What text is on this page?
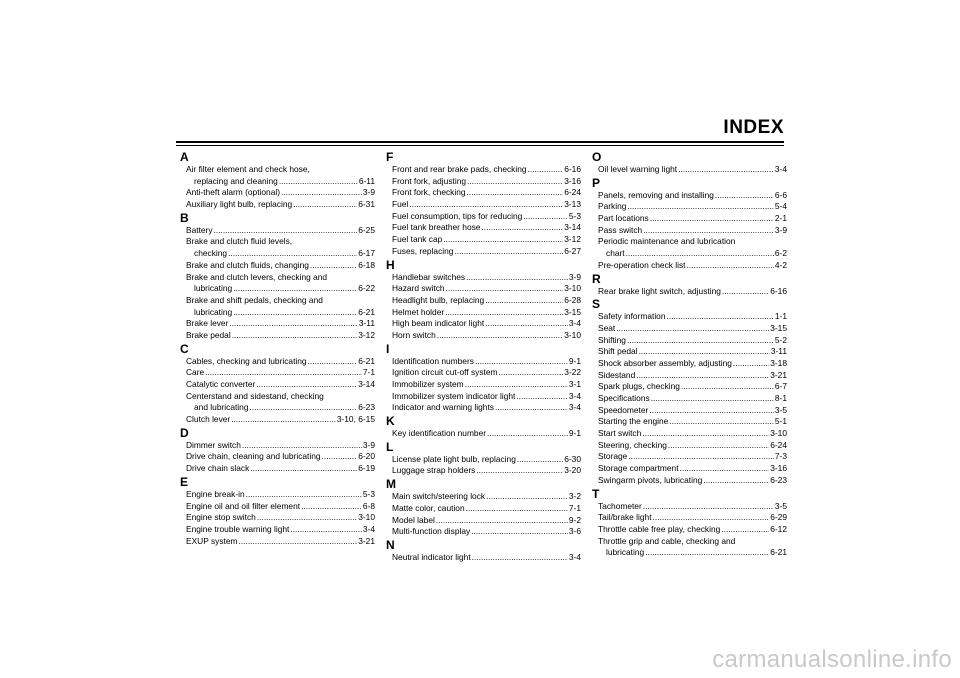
INDEX
A
Air filter element and check hose,
replacing and cleaning .....	6-11
Anti-theft alarm (optional) .....	3-9
Auxiliary light bulb, replacing .....	6-31
B
Battery .....	6-25
Brake and clutch fluid levels,
checking .....	6-17
Brake and clutch fluids, changing .....	6-18
Brake and clutch levers, checking and
lubricating .....	6-22
Brake and shift pedals, checking and
lubricating .....	6-21
Brake lever .....	3-11
Brake pedal .....	3-12
C
Cables, checking and lubricating .....	6-21
Care .....	7-1
Catalytic converter .....	3-14
Centerstand and sidestand, checking
and lubricating .....	6-23
Clutch lever .....	3-10, 6-15
D
Dimmer switch .....	3-9
Drive chain, cleaning and lubricating .....	6-20
Drive chain slack .....	6-19
E
Engine break-in .....	5-3
Engine oil and oil filter element .....	6-8
Engine stop switch .....	3-10
Engine trouble warning light .....	3-4
EXUP system .....	3-21
F
Front and rear brake pads, checking .....	6-16
Front fork, adjusting .....	3-16
Front fork, checking .....	6-24
Fuel .....	3-13
Fuel consumption, tips for reducing .....	5-3
Fuel tank breather hose .....	3-14
Fuel tank cap .....	3-12
Fuses, replacing .....	6-27
H
Handlebar switches .....	3-9
Hazard switch .....	3-10
Headlight bulb, replacing .....	6-28
Helmet holder .....	3-15
High beam indicator light .....	3-4
Horn switch .....	3-10
I
Identification numbers .....	9-1
Ignition circuit cut-off system .....	3-22
Immobilizer system .....	3-1
Immobilizer system indicator light .....	3-4
Indicator and warning lights .....	3-4
K
Key identification number .....	9-1
L
License plate light bulb, replacing .....	6-30
Luggage strap holders .....	3-20
M
Main switch/steering lock .....	3-2
Matte color, caution .....	7-1
Model label .....	9-2
Multi-function display .....	3-6
N
Neutral indicator light .....	3-4
O
Oil level warning light .....	3-4
P
Panels, removing and installing .....	6-6
Parking .....	5-4
Part locations .....	2-1
Pass switch .....	3-9
Periodic maintenance and lubrication
chart .....	6-2
Pre-operation check list .....	4-2
R
Rear brake light switch, adjusting .....	6-16
S
Safety information .....	1-1
Seat .....	3-15
Shifting .....	5-2
Shift pedal .....	3-11
Shock absorber assembly, adjusting .....	3-18
Sidestand .....	3-21
Spark plugs, checking .....	6-7
Specifications .....	8-1
Speedometer .....	3-5
Starting the engine .....	5-1
Start switch .....	3-10
Steering, checking .....	6-24
Storage .....	7-3
Storage compartment .....	3-16
Swingarm pivots, lubricating .....	6-23
T
Tachometer .....	3-5
Tail/brake light .....	6-29
Throttle cable free play, checking .....	6-12
Throttle grip and cable, checking and
lubricating .....	6-21
carmanualsonline.info
